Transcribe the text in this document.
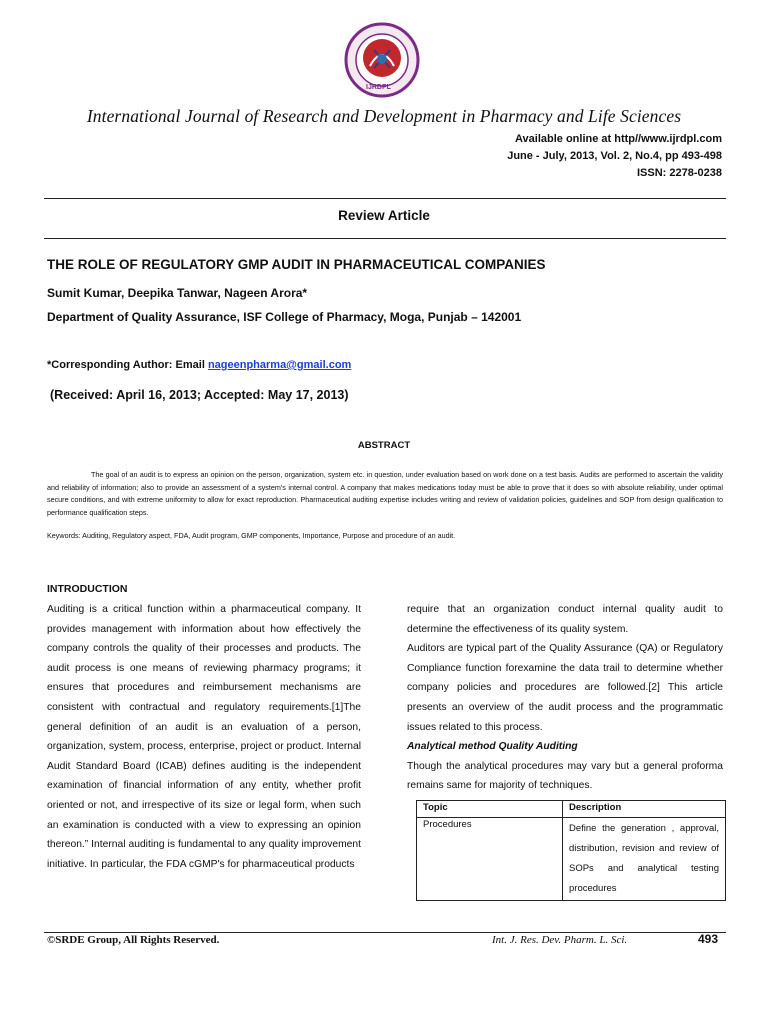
IJRDPL
International Journal of Research and Development in Pharmacy and Life Sciences
Available online at http//www.ijrdpl.com
June - July, 2013, Vol. 2, No.4, pp 493-498
ISSN: 2278-0238
Review Article
THE ROLE OF REGULATORY GMP AUDIT IN PHARMACEUTICAL COMPANIES
Sumit Kumar, Deepika Tanwar, Nageen Arora*
Department of Quality Assurance, ISF College of Pharmacy, Moga, Punjab – 142001
*Corresponding Author: Email nageenpharma@gmail.com
(Received: April 16, 2013; Accepted: May 17, 2013)
ABSTRACT
The goal of an audit is to express an opinion on the person, organization, system etc. in question, under evaluation based on work done on a test basis. Audits are performed to ascertain the validity and reliability of information; also to provide an assessment of a system's internal control. A company that makes medications today must be able to prove that it does so with absolute reliability, under optimal secure conditions, and with extreme uniformity to allow for exact reproduction. Pharmaceutical auditing expertise includes writing and review of validation policies, guidelines and SOP from design qualification to performance qualification steps.
Keywords: Auditing, Regulatory aspect, FDA, Audit program, GMP components, Importance, Purpose and procedure of an audit.
INTRODUCTION

Auditing is a critical function within a pharmaceutical company. It provides management with information about how effectively the company controls the quality of their processes and products. The audit process is one means of reviewing pharmacy programs; it ensures that procedures and reimbursement mechanisms are consistent with contractual and regulatory requirements.[1]The general definition of an audit is an evaluation of a person, organization, system, process, enterprise, project or product. Internal Audit Standard Board (ICAB) defines auditing is the independent examination of financial information of any entity, whether profit oriented or not, and irrespective of its size or legal form, when such an examination is conducted with a view to expressing an opinion thereon.” Internal auditing is fundamental to any quality improvement initiative. In particular, the FDA cGMP's for pharmaceutical products

require that an organization conduct internal quality audit to determine the effectiveness of its quality system.

Auditors are typical part of the Quality Assurance (QA) or Regulatory Compliance function forexamine the data trail to determine whether company policies and procedures are followed.[2] This article presents an overview of the audit process and the programmatic issues related to this process.

Analytical method Quality Auditing

Though the analytical procedures may vary but a general proforma remains same for majority of techniques.

Topic	Description
Procedures	Define the generation , approval, distribution, revision and review of SOPs and analytical testing procedures
©SRDE Group, All Rights Reserved.	Int. J. Res. Dev. Pharm. L. Sci.	493
